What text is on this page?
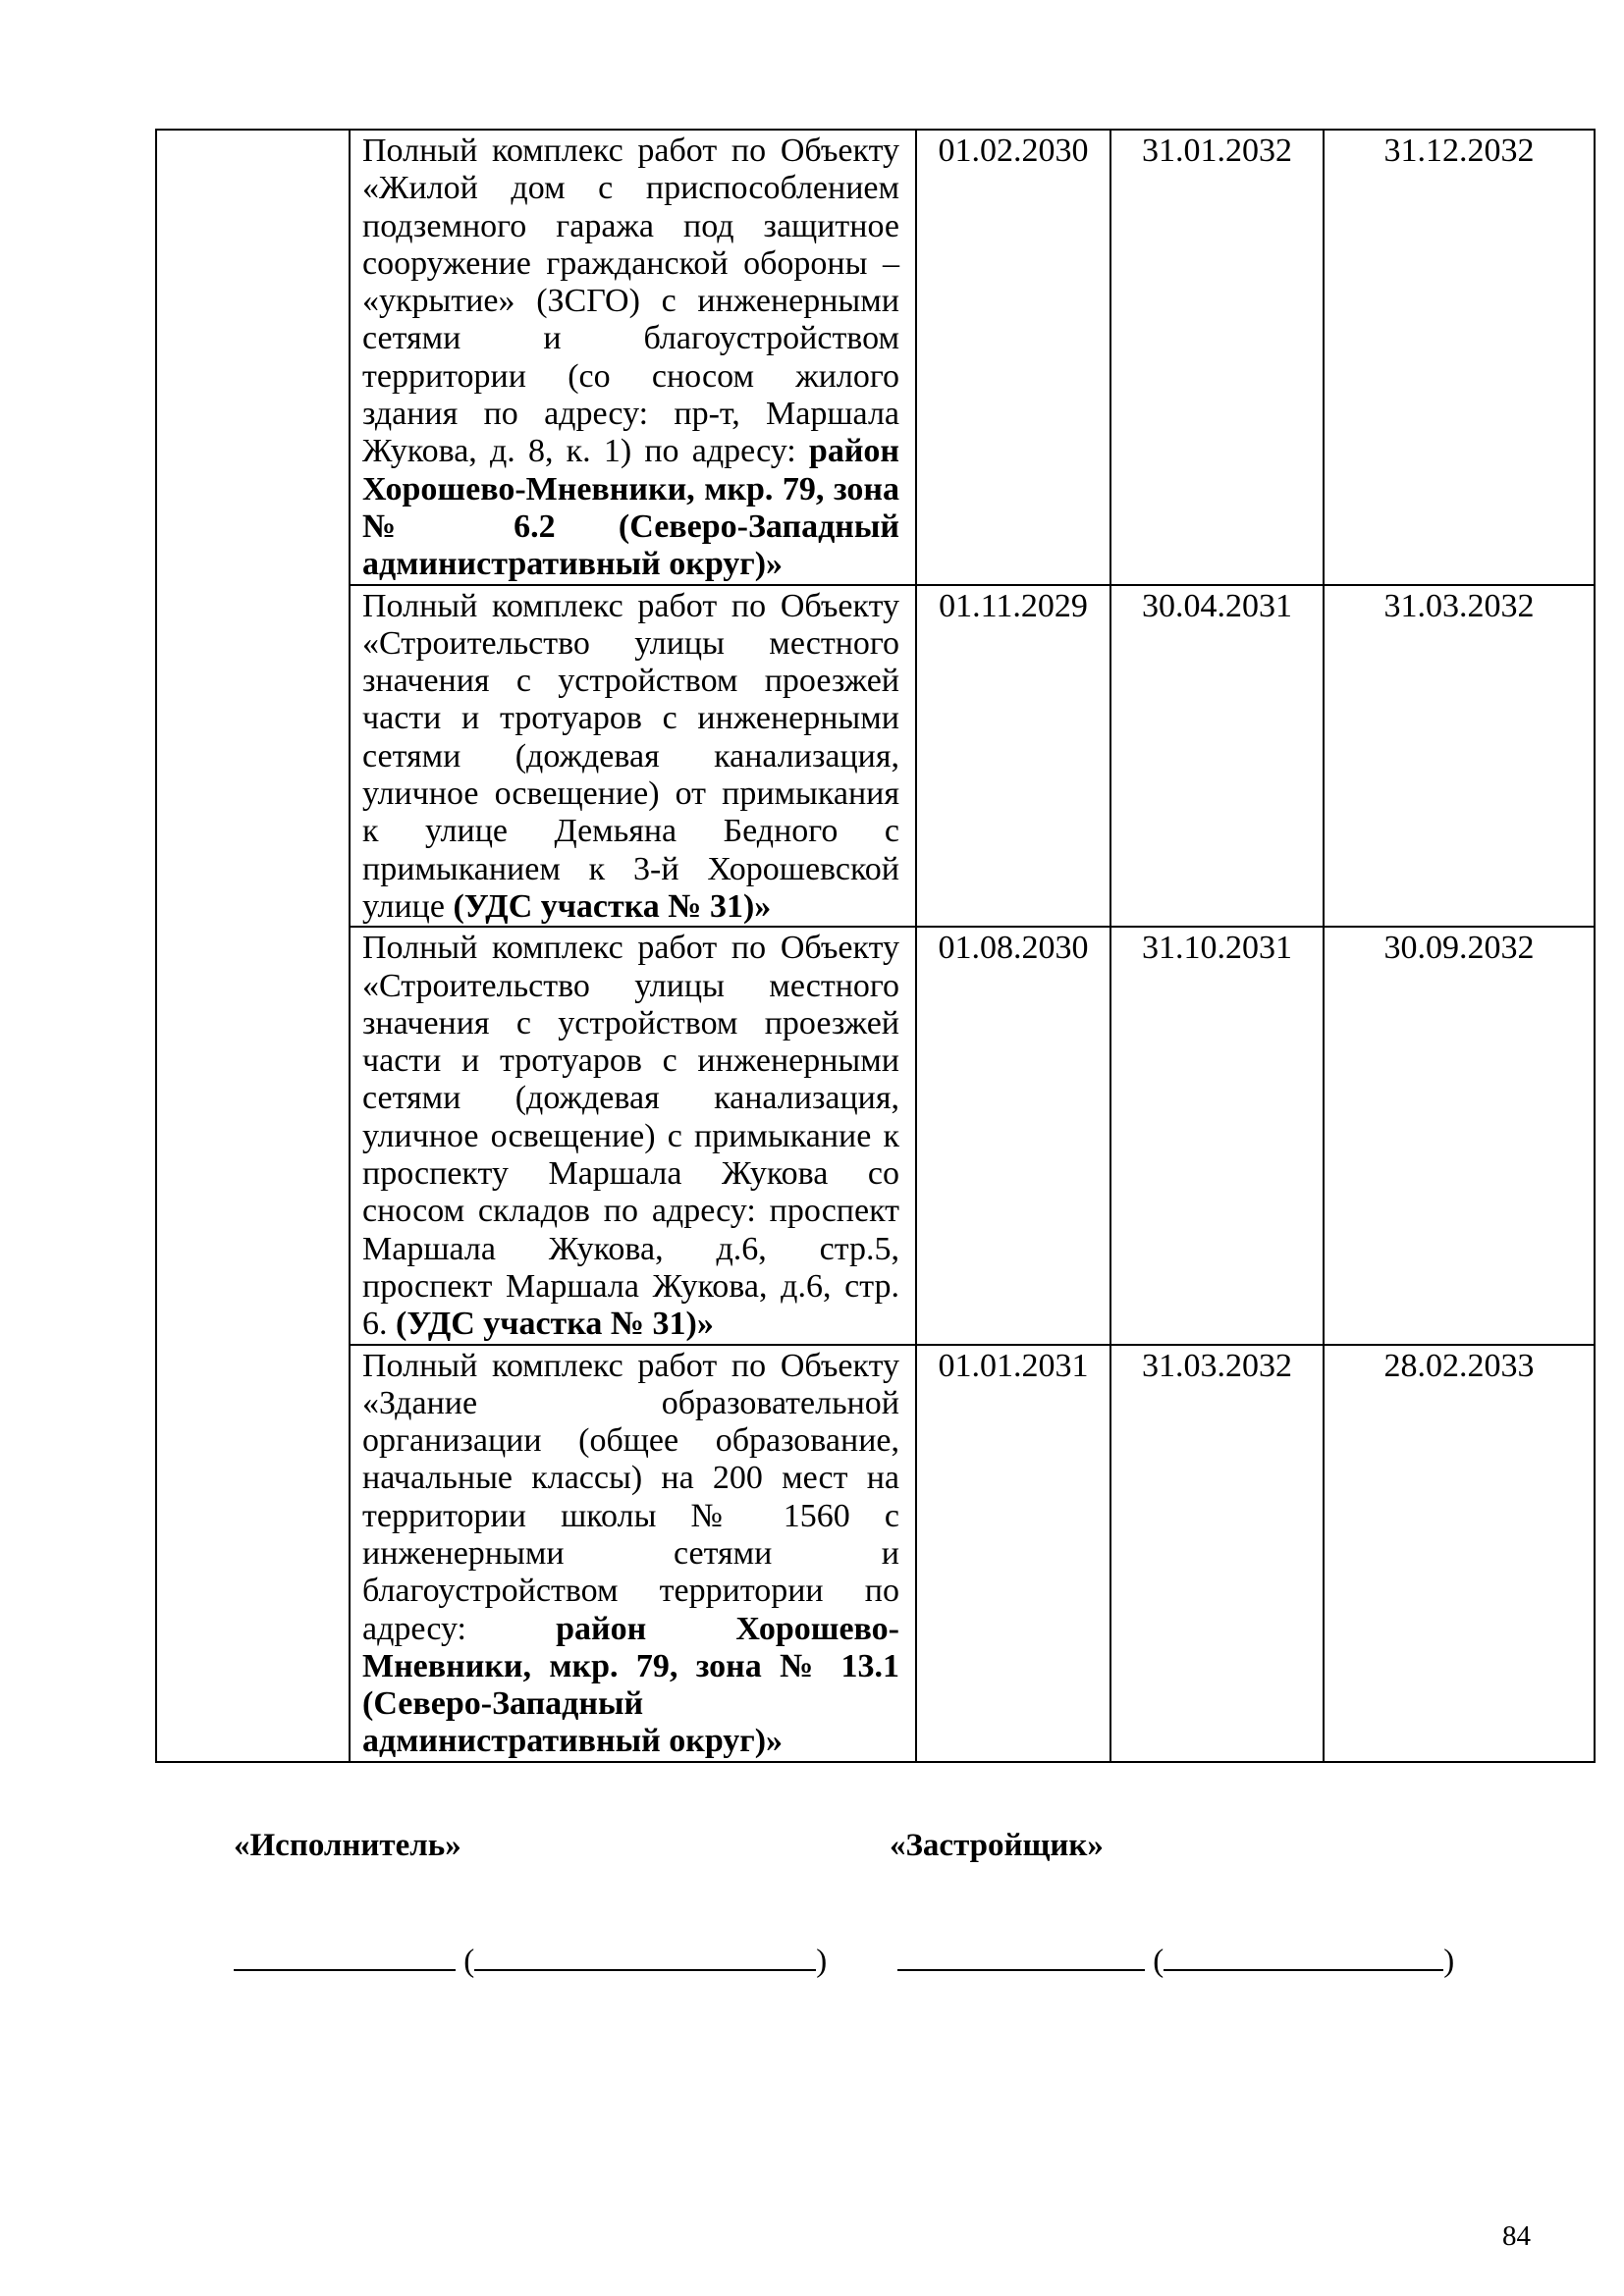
	Полный комплекс работ по Объекту «Жилой дом с приспособлением подземного гаража под защитное сооружение гражданской обороны – «укрытие» (ЗСГО) с инженерными сетями и благоустройством территории (со сносом жилого здания по адресу: пр-т, Маршала Жукова, д. 8, к. 1) по адресу: район Хорошево-Мневники, мкр. 79, зона № 6.2 (Северо-Западный административный округ)»	01.02.2030	31.01.2032	31.12.2032
	Полный комплекс работ по Объекту «Строительство улицы местного значения с устройством проезжей части и тротуаров с инженерными сетями (дождевая канализация, уличное освещение) от примыкания к улице Демьяна Бедного с примыканием к 3-й Хорошевской улице (УДС участка № 31)»	01.11.2029	30.04.2031	31.03.2032
	Полный комплекс работ по Объекту «Строительство улицы местного значения с устройством проезжей части и тротуаров с инженерными сетями (дождевая канализация, уличное освещение) с примыкание к проспекту Маршала Жукова со сносом складов по адресу: проспект Маршала Жукова, д.6, стр.5, проспект Маршала Жукова, д.6, стр. 6. (УДС участка № 31)»	01.08.2030	31.10.2031	30.09.2032
	Полный комплекс работ по Объекту «Здание образовательной организации (общее образование, начальные классы) на 200 мест на территории школы № 1560 с инженерными сетями и благоустройством территории по адресу: район Хорошево-Мневники, мкр. 79, зона № 13.1 (Северо-Западный административный округ)»	01.01.2031	31.03.2032	28.02.2033
«Исполнитель»	«Застройщик»
(	)	(	)
84
